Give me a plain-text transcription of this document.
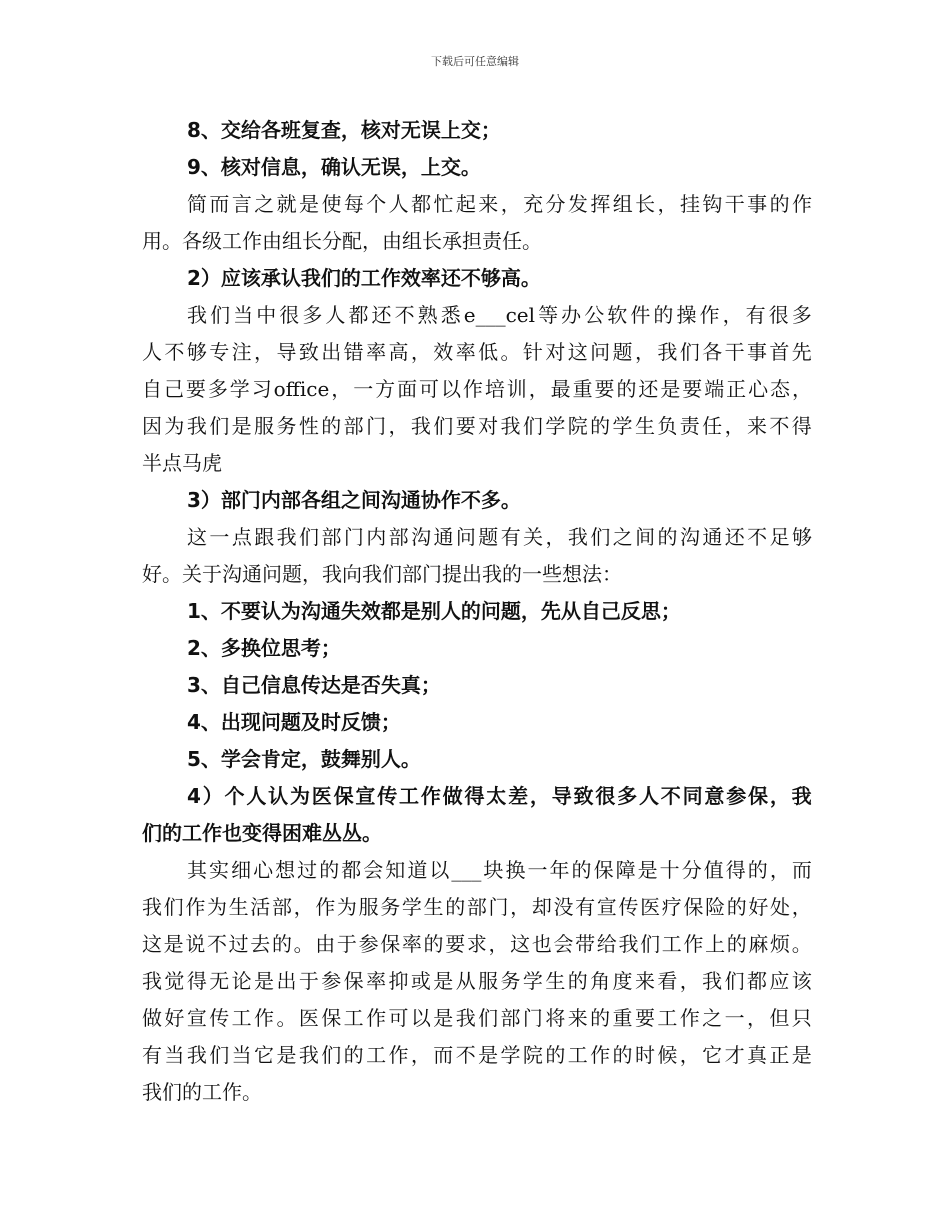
下载后可任意编辑
8、交给各班复查，核对无误上交；
9、核对信息，确认无误，上交。
简 而 言 之 就 是 使 每 个 人 都 忙 起 来 ， 充 分 发 挥 组 长 ， 挂 钩 干 事 的 作
用。各级工作由组长分配，由组长承担责任。
2）应该承认我们的工作效率还不够高。
我 们 当 中 很 多 人 都 还 不 熟 悉 e___cel 等 办 公 软 件 的 操 作 ， 有 很 多
人 不 够 专 注 ， 导 致 出 错 率 高 ， 效 率 低 。 针 对 这 问 题 ， 我 们 各 干 事 首 先
自 己 要 多 学 习 office ， 一 方 面 可 以 作 培 训 ， 最 重 要 的 还 是 要 端 正 心 态 ，
因 为 我 们 是 服 务 性 的 部 门 ， 我 们 要 对 我 们 学 院 的 学 生 负 责 任 ， 来 不 得
半点马虎
3）部门内部各组之间沟通协作不多。
这 一 点 跟 我 们 部 门 内 部 沟 通 问 题 有 关 ， 我 们 之 间 的 沟 通 还 不 足 够
好。关于沟通问题，我向我们部门提出我的一些想法：
1、不要认为沟通失效都是别人的问题，先从自己反思；
2、多换位思考；
3、自己信息传达是否失真；
4、出现问题及时反馈；
5、学会肯定，鼓舞别人。
4 ） 个 人 认 为 医 保 宣 传 工 作 做 得 太 差 ， 导 致 很 多 人 不 同 意 参 保 ， 我
们的工作也变得困难丛丛。
其 实 细 心 想 过 的 都 会 知 道 以 ___ 块 换 一 年 的 保 障 是 十 分 值 得 的 ， 而
我 们 作 为 生 活 部 ， 作 为 服 务 学 生 的 部 门 ， 却 没 有 宣 传 医 疗 保 险 的 好 处 ，
这 是 说 不 过 去 的 。 由 于 参 保 率 的 要 求 ， 这 也 会 带 给 我 们 工 作 上 的 麻 烦 。
我 觉 得 无 论 是 出 于 参 保 率 抑 或 是 从 服 务 学 生 的 角 度 来 看 ， 我 们 都 应 该
做 好 宣 传 工 作 。 医 保 工 作 可 以 是 我 们 部 门 将 来 的 重 要 工 作 之 一 ， 但 只
有 当 我 们 当 它 是 我 们 的 工 作 ， 而 不 是 学 院 的 工 作 的 时 候 ， 它 才 真 正 是
我们的工作。
